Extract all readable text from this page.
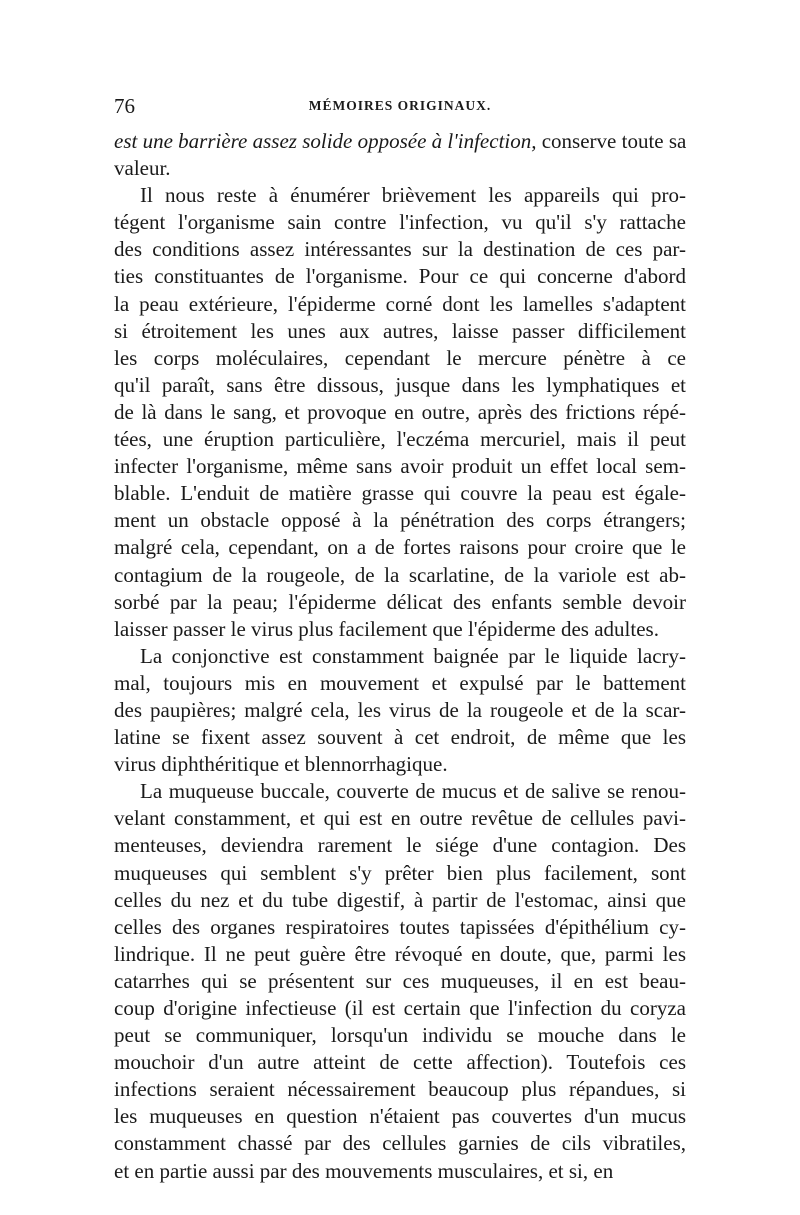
76	MÉMOIRES ORIGINAUX.
est une barrière assez solide opposée à l'infection, conserve toute sa
valeur.
Il nous reste à énumérer brièvement les appareils qui pro-
tégent l'organisme sain contre l'infection, vu qu'il s'y rattache
des conditions assez intéressantes sur la destination de ces par-
ties constituantes de l'organisme. Pour ce qui concerne d'abord
la peau extérieure, l'épiderme corné dont les lamelles s'adaptent
si étroitement les unes aux autres, laisse passer difficilement
les corps moléculaires, cependant le mercure pénètre à ce
qu'il paraît, sans être dissous, jusque dans les lymphatiques et
de là dans le sang, et provoque en outre, après des frictions répé-
tées, une éruption particulière, l'eczéma mercuriel, mais il peut
infecter l'organisme, même sans avoir produit un effet local sem-
blable. L'enduit de matière grasse qui couvre la peau est égale-
ment un obstacle opposé à la pénétration des corps étrangers;
malgré cela, cependant, on a de fortes raisons pour croire que le
contagium de la rougeole, de la scarlatine, de la variole est ab-
sorbé par la peau; l'épiderme délicat des enfants semble devoir
laisser passer le virus plus facilement que l'épiderme des adultes.
La conjonctive est constamment baignée par le liquide lacry-
mal, toujours mis en mouvement et expulsé par le battement
des paupières; malgré cela, les virus de la rougeole et de la scar-
latine se fixent assez souvent à cet endroit, de même que les
virus diphthéritique et blennorrhagique.
La muqueuse buccale, couverte de mucus et de salive se renou-
velant constamment, et qui est en outre revêtue de cellules pavi-
menteuses, deviendra rarement le siége d'une contagion. Des
muqueuses qui semblent s'y prêter bien plus facilement, sont
celles du nez et du tube digestif, à partir de l'estomac, ainsi que
celles des organes respiratoires toutes tapissées d'épithélium cy-
lindrique. Il ne peut guère être révoqué en doute, que, parmi les
catarrhes qui se présentent sur ces muqueuses, il en est beau-
coup d'origine infectieuse (il est certain que l'infection du coryza
peut se communiquer, lorsqu'un individu se mouche dans le
mouchoir d'un autre atteint de cette affection). Toutefois ces
infections seraient nécessairement beaucoup plus répandues, si
les muqueuses en question n'étaient pas couvertes d'un mucus
constamment chassé par des cellules garnies de cils vibratiles,
et en partie aussi par des mouvements musculaires, et si, en
